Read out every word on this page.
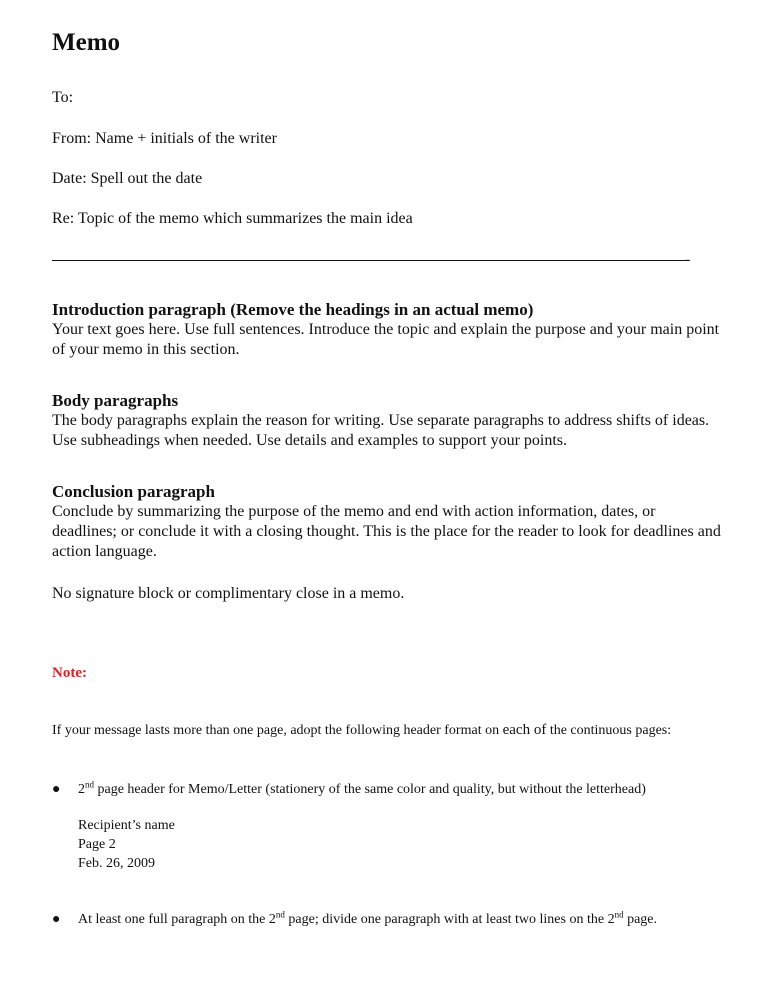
Memo
To:
From: Name + initials of the writer
Date: Spell out the date
Re: Topic of the memo which summarizes the main idea
-
Introduction paragraph (Remove the headings in an actual memo)

Your text goes here. Use full sentences. Introduce the topic and explain the purpose and your main point of your memo in this section.

Body paragraphs

The body paragraphs explain the reason for writing. Use separate paragraphs to address shifts of ideas. Use subheadings when needed. Use details and examples to support your points.

Conclusion paragraph

Conclude by summarizing the purpose of the memo and end with action information, dates, or deadlines; or conclude it with a closing thought. This is the place for the reader to look for deadlines and action language.

No signature block or complimentary close in a memo.
Note:
If your message lasts more than one page, adopt the following header format on each of the continuous pages:
● 2nd page header for Memo/Letter (stationery of the same color and quality, but without the letterhead)
Recipient’s name
Page 2
Feb. 26, 2009
● At least one full paragraph on the 2nd page; divide one paragraph with at least two lines on the 2nd page.
